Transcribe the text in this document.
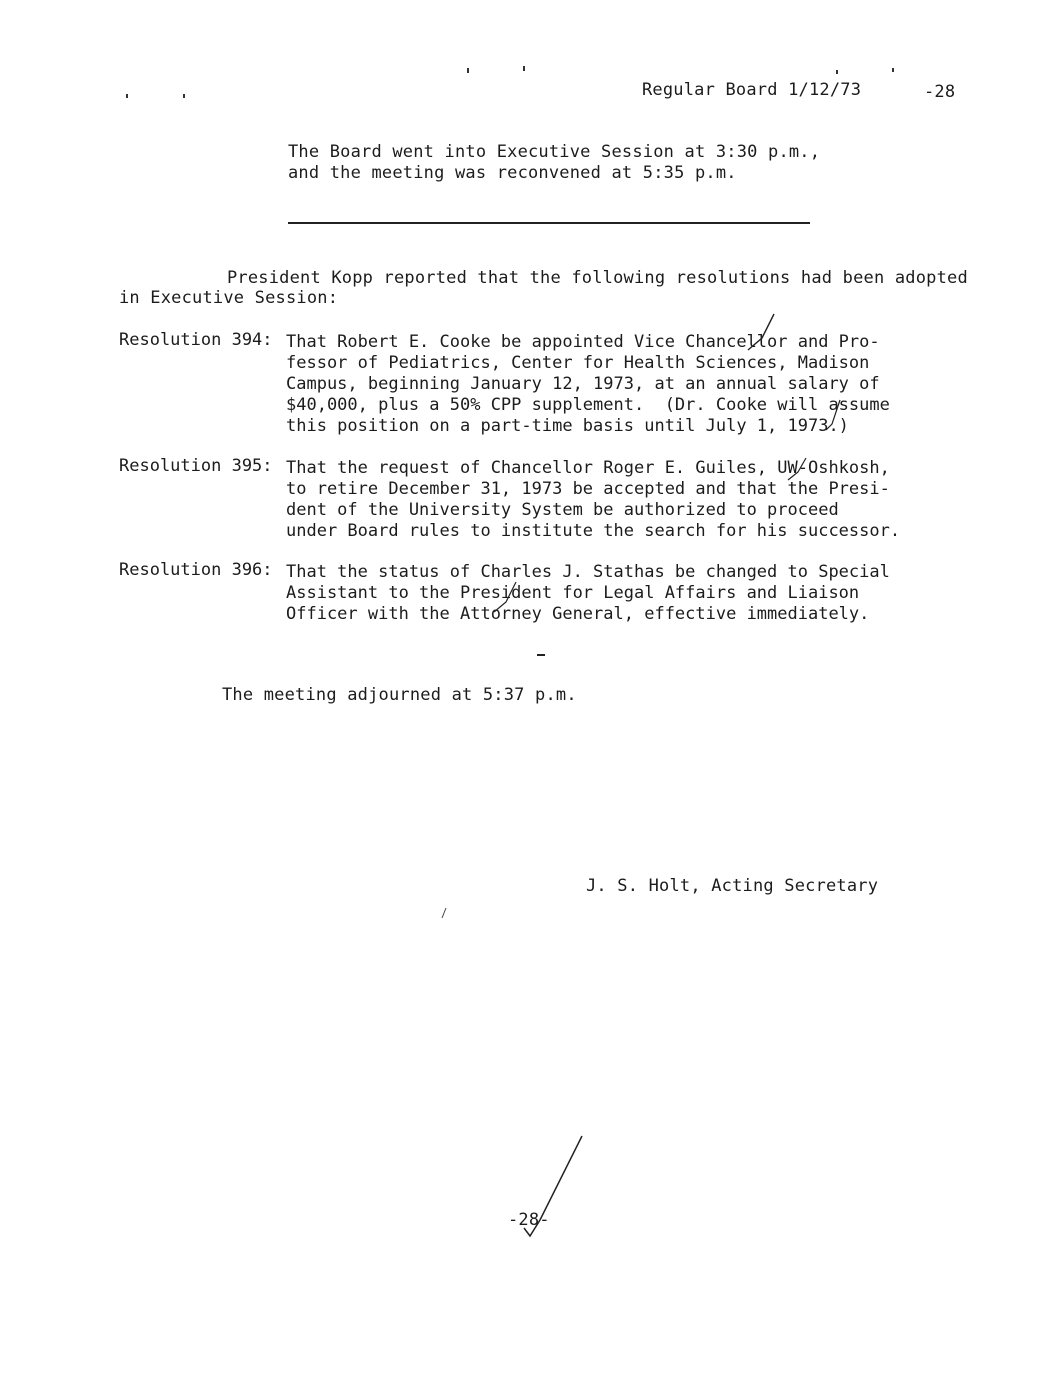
Regular Board 1/12/73	-28
The Board went into Executive Session at 3:30 p.m.,
and the meeting was reconvened at 5:35 p.m.
President Kopp reported that the following resolutions had been adopted
in Executive Session:
Resolution 394: That Robert E. Cooke be appointed Vice Chancellor and Pro-
fessor of Pediatrics, Center for Health Sciences, Madison
Campus, beginning January 12, 1973, at an annual salary of
$40,000, plus a 50% CPP supplement.  (Dr. Cooke will assume
this position on a part-time basis until July 1, 1973.)
Resolution 395: That the request of Chancellor Roger E. Guiles, UW-Oshkosh,
to retire December 31, 1973 be accepted and that the Presi-
dent of the University System be authorized to proceed
under Board rules to institute the search for his successor.
Resolution 396: That the status of Charles J. Stathas be changed to Special
Assistant to the President for Legal Affairs and Liaison
Officer with the Attorney General, effective immediately.
The meeting adjourned at 5:37 p.m.
J. S. Holt, Acting Secretary
-28-
